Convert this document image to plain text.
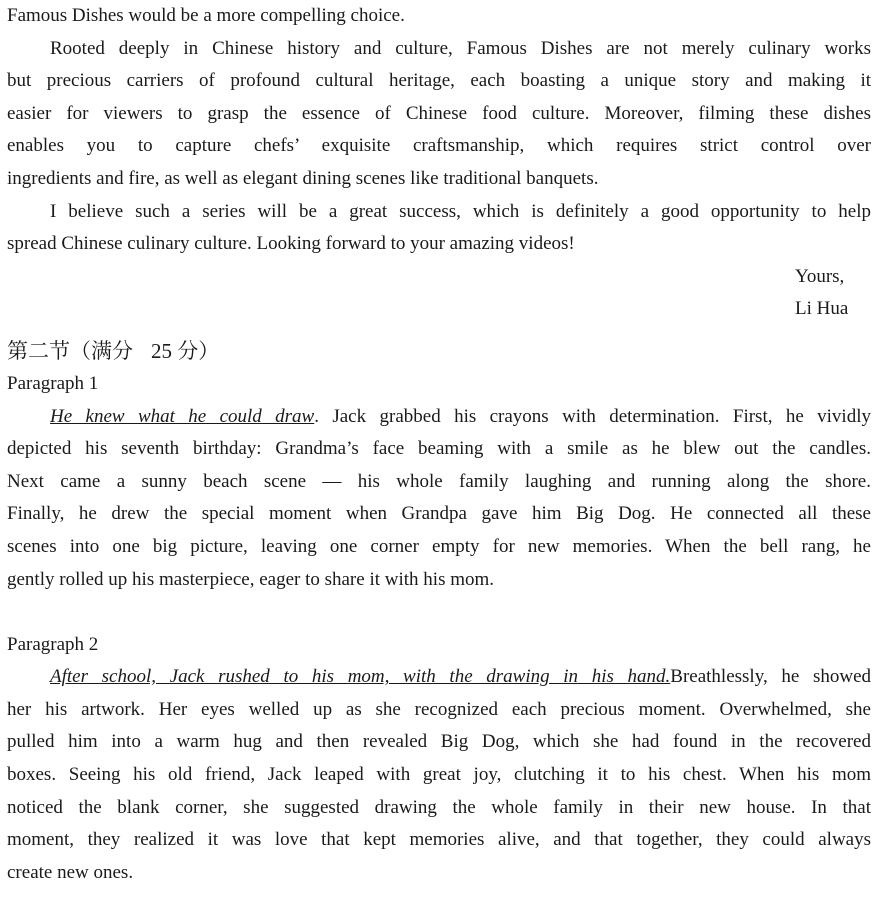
Famous Dishes would be a more compelling choice.
Rooted deeply in Chinese history and culture, Famous Dishes are not merely culinary works
but precious carriers of profound cultural heritage, each boasting a unique story and making it
easier for viewers to grasp the essence of Chinese food culture. Moreover, filming these dishes
enables you to capture chefs’ exquisite craftsmanship, which requires strict control over
ingredients and fire, as well as elegant dining scenes like traditional banquets.
I believe such a series will be a great success, which is definitely a good opportunity to help
spread Chinese culinary culture. Looking forward to your amazing videos!
Yours,
Li Hua
第二节（满分 25 分）
Paragraph 1
He knew what he could draw. Jack grabbed his crayons with determination. First, he vividly
depicted his seventh birthday: Grandma’s face beaming with a smile as he blew out the candles.
Next came a sunny beach scene — his whole family laughing and running along the shore.
Finally, he drew the special moment when Grandpa gave him Big Dog. He connected all these
scenes into one big picture, leaving one corner empty for new memories. When the bell rang, he
gently rolled up his masterpiece, eager to share it with his mom.
Paragraph 2
After school, Jack rushed to his mom, with the drawing in his hand.Breathlessly, he showed
her his artwork. Her eyes welled up as she recognized each precious moment. Overwhelmed, she
pulled him into a warm hug and then revealed Big Dog, which she had found in the recovered
boxes. Seeing his old friend, Jack leaped with great joy, clutching it to his chest. When his mom
noticed the blank corner, she suggested drawing the whole family in their new house. In that
moment, they realized it was love that kept memories alive, and that together, they could always
create new ones.
